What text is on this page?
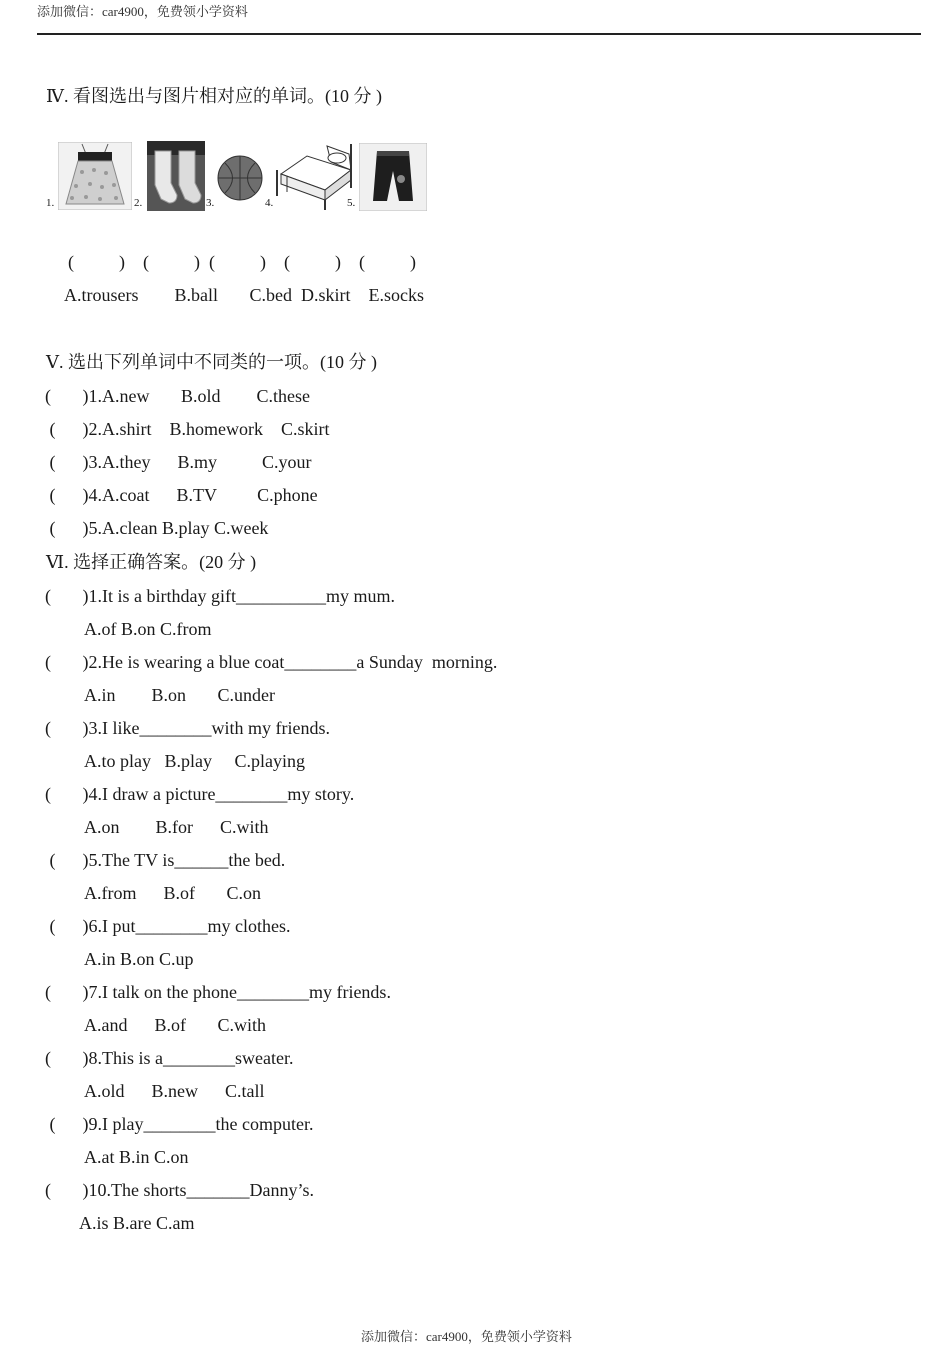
添加微信：car4900，免费领小学资料
Ⅳ. 看图选出与图片相对应的单词。(10 分 )
1.	2.	3.	4.	5.
(          )    (          )  (          )    (          )    (          )
A.trousers        B.ball       C.bed  D.skirt    E.socks
Ⅴ. 选出下列单词中不同类的一项。(10 分 )
(       )1.A.new       B.old        C.these
(      )2.A.shirt    B.homework    C.skirt
(      )3.A.they      B.my          C.your
(      )4.A.coat      B.TV         C.phone
(      )5.A.clean B.play C.week
Ⅵ. 选择正确答案。(20 分 )
(       )1.It is a birthday gift__________my mum.
A.of B.on C.from
(       )2.He is wearing a blue coat________a Sunday  morning.
A.in        B.on       C.under
(       )3.I like________with my friends.
A.to play   B.play     C.playing
(       )4.I draw a picture________my story.
A.on        B.for      C.with
(      )5.The TV is______the bed.
A.from      B.of       C.on
(      )6.I put________my clothes.
A.in B.on C.up
(       )7.I talk on the phone________my friends.
A.and      B.of       C.with
(       )8.This is a________sweater.
A.old      B.new      C.tall
(      )9.I play________the computer.
A.at B.in C.on
(       )10.The shorts_______Danny’s.
A.is B.are C.am
添加微信：car4900，免费领小学资料
